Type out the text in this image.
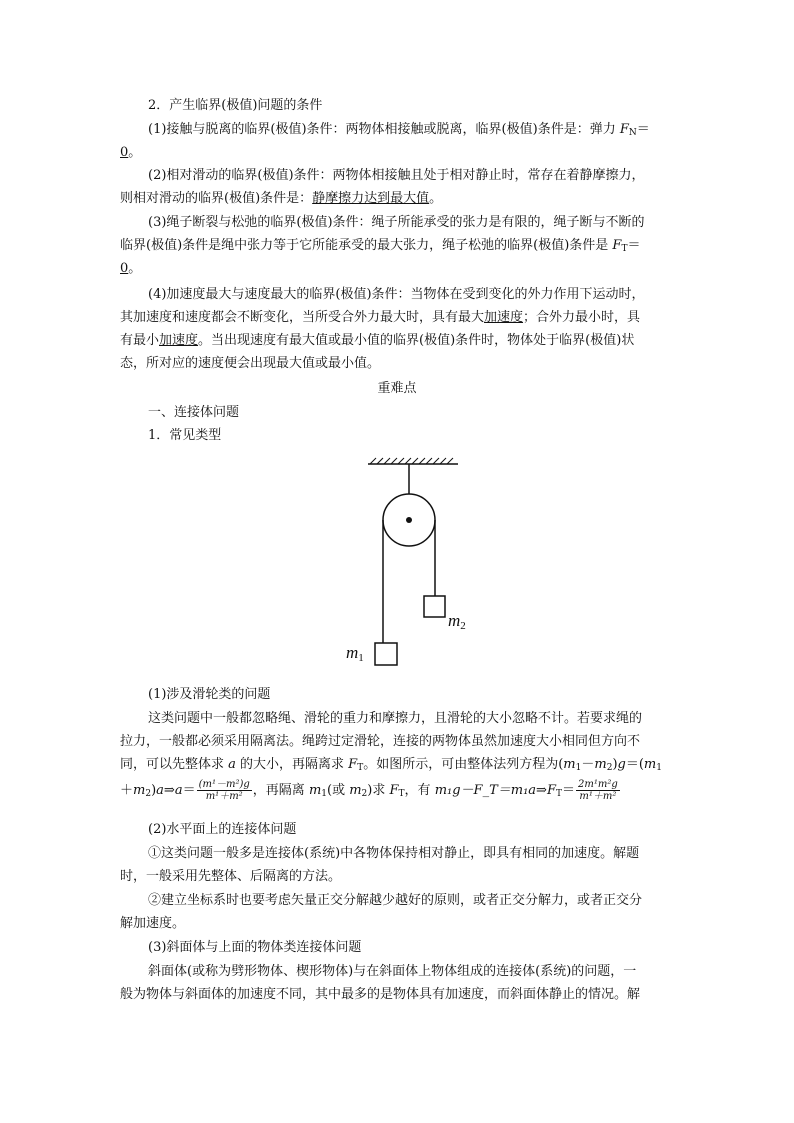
2．产生临界(极值)问题的条件
(1)接触与脱离的临界(极值)条件：两物体相接触或脱离，临界(极值)条件是：弹力 $F_N=$
0。
(2)相对滑动的临界(极值)条件：两物体相接触且处于相对静止时，常存在着静摩擦力，
则相对滑动的临界(极值)条件是：静摩擦力达到最大值。
(3)绳子断裂与松弛的临界(极值)条件：绳子所能承受的张力是有限的，绳子断与不断的
临界(极值)条件是绳中张力等于它所能承受的最大张力，绳子松弛的临界(极值)条件是 $F_T=$
0。
(4)加速度最大与速度最大的临界(极值)条件：当物体在受到变化的外力作用下运动时，
其加速度和速度都会不断变化，当所受合外力最大时，具有最大加速度；合外力最小时，具
有最小加速度。当出现速度有最大值或最小值的临界(极值)条件时，物体处于临界(极值)状
态，所对应的速度便会出现最大值或最小值。
重难点
一、连接体问题
1．常见类型
m2
m1
(1)涉及滑轮类的问题
这类问题中一般都忽略绳、滑轮的重力和摩擦力，且滑轮的大小忽略不计。若要求绳的
拉力，一般都必须采用隔离法。绳跨过定滑轮，连接的两物体虽然加速度大小相同但方向不
同，可以先整体求 a 的大小，再隔离求 $F_T$。如图所示，可由整体法列方程为$(m_1-m_2)g=(m_1$
$+m_2)a\Rightarrow a= \frac{\text{(m¹－m²)g}}{\text{m¹＋m²}}$ ，再隔离 $m_1$(或 $m_2$)求 $F_T$，有 $m_1g-F\_T=m_1a\Rightarrow F_T= \frac{\text{2m¹m²g}}{\text{m¹＋m²}}$
(2)水平面上的连接体问题
①这类问题一般多是连接体(系统)中各物体保持相对静止，即具有相同的加速度。解题
时，一般采用先整体、后隔离的方法。
②建立坐标系时也要考虑矢量正交分解越少越好的原则，或者正交分解力，或者正交分
解加速度。
(3)斜面体与上面的物体类连接体问题
斜面体(或称为劈形物体、楔形物体)与在斜面体上物体组成的连接体(系统)的问题，一
般为物体与斜面体的加速度不同，其中最多的是物体具有加速度，而斜面体静止的情况。解
